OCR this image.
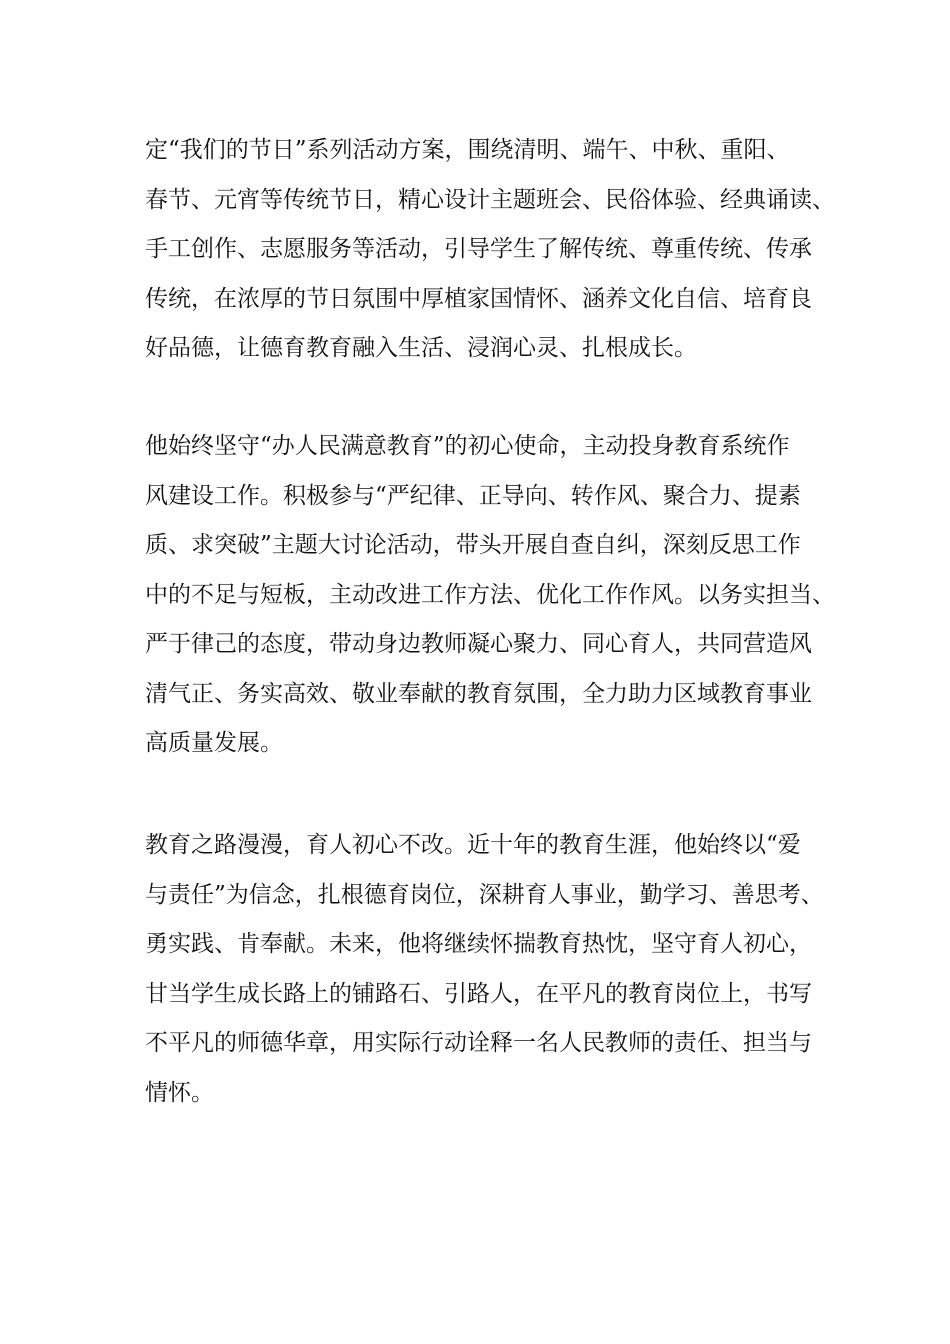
定“我们的节日”系列活动方案，围绕清明、端午、中秋、重阳、
春节、元宵等传统节日，精心设计主题班会、民俗体验、经典诵读、
手工创作、志愿服务等活动，引导学生了解传统、尊重传统、传承
传统，在浓厚的节日氛围中厚植家国情怀、涵养文化自信、培育良
好品德，让德育教育融入生活、浸润心灵、扎根成长。
他始终坚守“办人民满意教育”的初心使命，主动投身教育系统作
风建设工作。积极参与“严纪律、正导向、转作风、聚合力、提素
质、求突破”主题大讨论活动，带头开展自查自纠，深刻反思工作
中的不足与短板，主动改进工作方法、优化工作作风。以务实担当、
严于律己的态度，带动身边教师凝心聚力、同心育人，共同营造风
清气正、务实高效、敬业奉献的教育氛围，全力助力区域教育事业
高质量发展。
教育之路漫漫，育人初心不改。近十年的教育生涯，他始终以“爱
与责任”为信念，扎根德育岗位，深耕育人事业，勤学习、善思考、
勇实践、肯奉献。未来，他将继续怀揣教育热忱，坚守育人初心，
甘当学生成长路上的铺路石、引路人，在平凡的教育岗位上，书写
不平凡的师德华章，用实际行动诠释一名人民教师的责任、担当与
情怀。
